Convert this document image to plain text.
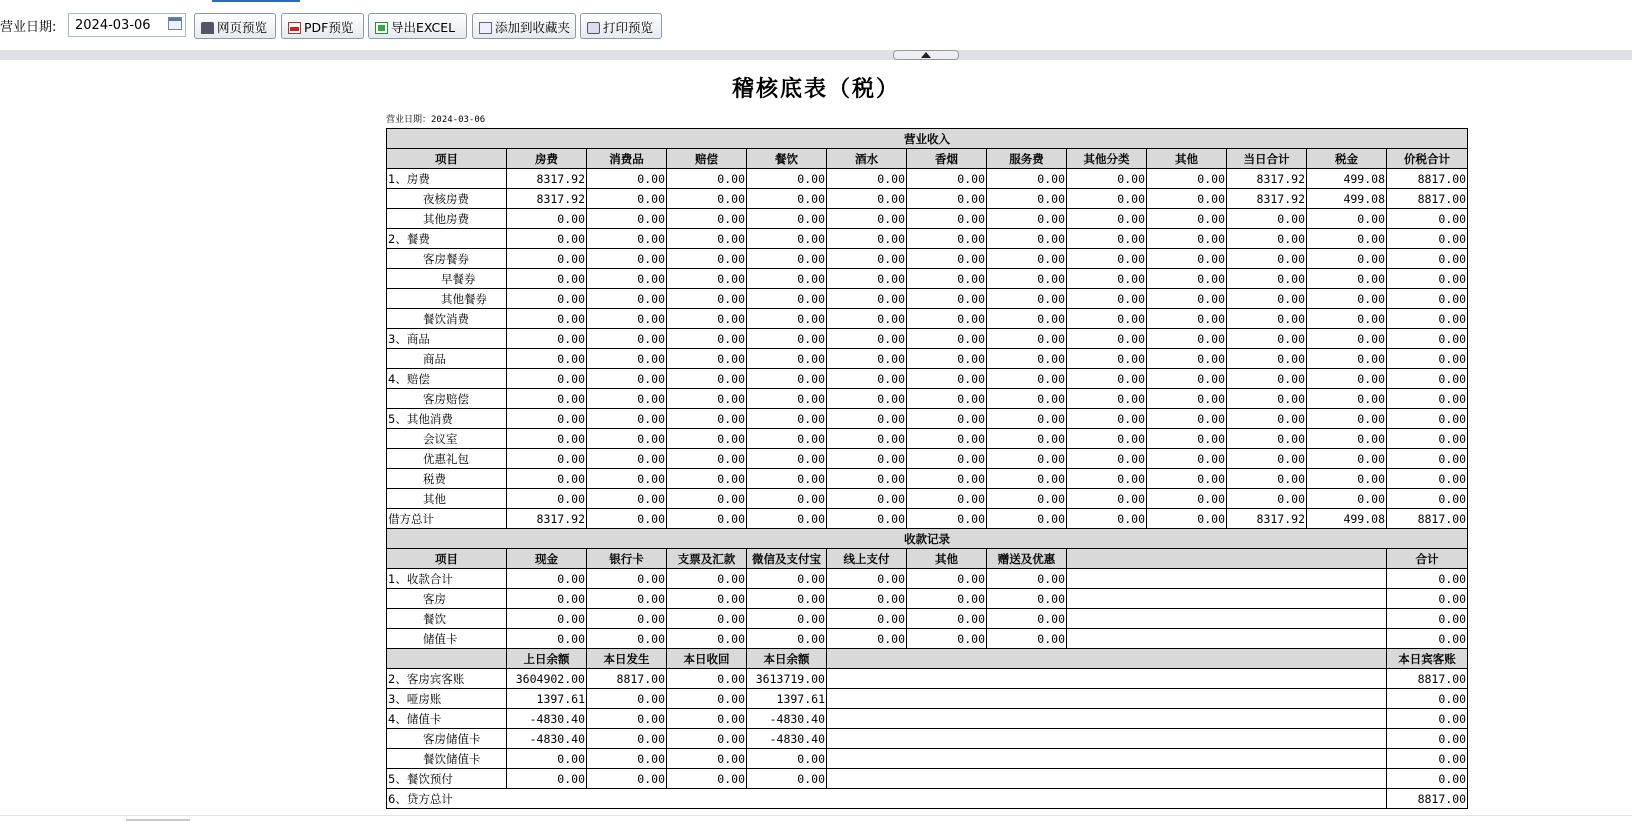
营业日期:
2024-03-06	网页预览	PDF预览	导出EXCEL	添加到收藏夹	打印预览
稽核底表（税）
营业日期：2024-03-06
营业收入												
项目	房费	消费品	赔偿	餐饮	酒水	香烟	服务费	其他分类	其他	当日合计	税金	价税合计
1、房费	8317.92	0.00	0.00	0.00	0.00	0.00	0.00	0.00	0.00	8317.92	499.08	8817.00
夜核房费	8317.92	0.00	0.00	0.00	0.00	0.00	0.00	0.00	0.00	8317.92	499.08	8817.00
其他房费	0.00	0.00	0.00	0.00	0.00	0.00	0.00	0.00	0.00	0.00	0.00	0.00
2、餐费	0.00	0.00	0.00	0.00	0.00	0.00	0.00	0.00	0.00	0.00	0.00	0.00
客房餐券	0.00	0.00	0.00	0.00	0.00	0.00	0.00	0.00	0.00	0.00	0.00	0.00
早餐券	0.00	0.00	0.00	0.00	0.00	0.00	0.00	0.00	0.00	0.00	0.00	0.00
其他餐券	0.00	0.00	0.00	0.00	0.00	0.00	0.00	0.00	0.00	0.00	0.00	0.00
餐饮消费	0.00	0.00	0.00	0.00	0.00	0.00	0.00	0.00	0.00	0.00	0.00	0.00
3、商品	0.00	0.00	0.00	0.00	0.00	0.00	0.00	0.00	0.00	0.00	0.00	0.00
商品	0.00	0.00	0.00	0.00	0.00	0.00	0.00	0.00	0.00	0.00	0.00	0.00
4、赔偿	0.00	0.00	0.00	0.00	0.00	0.00	0.00	0.00	0.00	0.00	0.00	0.00
客房赔偿	0.00	0.00	0.00	0.00	0.00	0.00	0.00	0.00	0.00	0.00	0.00	0.00
5、其他消费	0.00	0.00	0.00	0.00	0.00	0.00	0.00	0.00	0.00	0.00	0.00	0.00
会议室	0.00	0.00	0.00	0.00	0.00	0.00	0.00	0.00	0.00	0.00	0.00	0.00
优惠礼包	0.00	0.00	0.00	0.00	0.00	0.00	0.00	0.00	0.00	0.00	0.00	0.00
税费	0.00	0.00	0.00	0.00	0.00	0.00	0.00	0.00	0.00	0.00	0.00	0.00
其他	0.00	0.00	0.00	0.00	0.00	0.00	0.00	0.00	0.00	0.00	0.00	0.00
借方总计	8317.92	0.00	0.00	0.00	0.00	0.00	0.00	0.00	0.00	8317.92	499.08	8817.00
收款记录												
项目	现金	银行卡	支票及汇款	微信及支付宝	线上支付	其他	赠送及优惠					合计
1、收款合计	0.00	0.00	0.00	0.00	0.00	0.00	0.00					0.00
客房	0.00	0.00	0.00	0.00	0.00	0.00	0.00					0.00
餐饮	0.00	0.00	0.00	0.00	0.00	0.00	0.00					0.00
储值卡	0.00	0.00	0.00	0.00	0.00	0.00	0.00					0.00
	上日余额	本日发生	本日收回	本日余额								本日宾客账
2、客房宾客账	3604902.00	8817.00	0.00	3613719.00								8817.00
3、哑房账	1397.61	0.00	0.00	1397.61								0.00
4、储值卡	-4830.40	0.00	0.00	-4830.40								0.00
客房储值卡	-4830.40	0.00	0.00	-4830.40								0.00
餐饮储值卡	0.00	0.00	0.00	0.00								0.00
5、餐饮预付	0.00	0.00	0.00	0.00								0.00
6、贷方总计												8817.00
